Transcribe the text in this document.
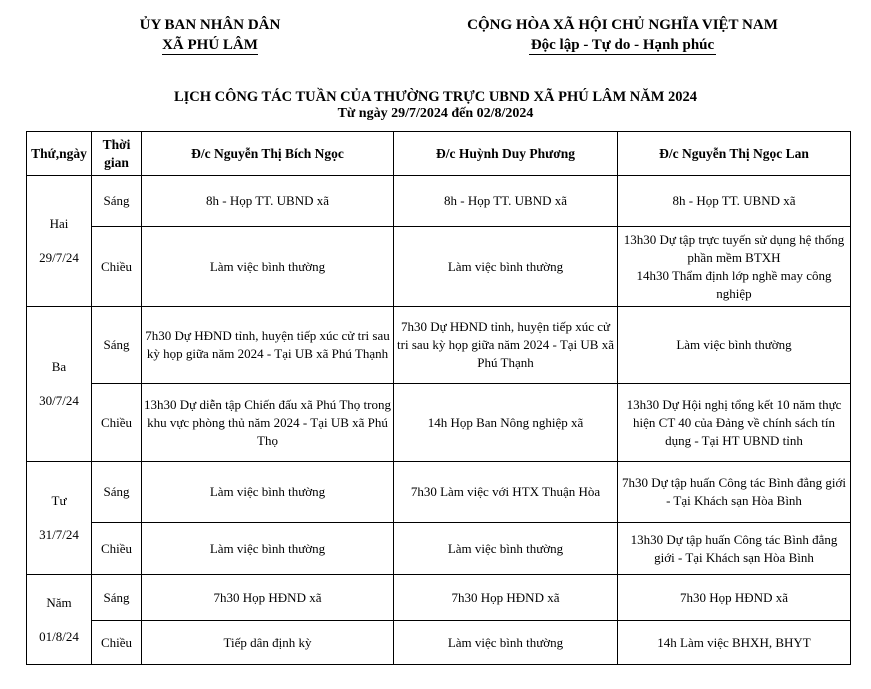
ỦY BAN NHÂN DÂN
XÃ PHÚ LÂM
CỘNG HÒA XÃ HỘI CHỦ NGHĨA VIỆT NAM
Độc lập - Tự do - Hạnh phúc
LỊCH CÔNG TÁC TUẦN CỦA THƯỜNG TRỰC UBND XÃ PHÚ LÂM NĂM 2024
Từ ngày 29/7/2024 đến 02/8/2024
Thứ,ngày	Thời gian	Đ/c Nguyễn Thị Bích Ngọc	Đ/c Huỳnh Duy Phương	Đ/c Nguyễn Thị Ngọc Lan

Hai
29/7/24	Sáng	8h - Họp TT. UBND xã	8h - Họp TT. UBND xã	8h - Họp TT. UBND xã
	Chiều	Làm việc bình thường	Làm việc bình thường	13h30 Dự tập trực tuyến sử dụng hệ thống phần mềm BTXH
14h30 Thẩm định lớp nghề may công nghiệp

Ba
30/7/24	Sáng	7h30 Dự HĐND tỉnh, huyện tiếp xúc cử tri sau kỳ họp giữa năm 2024 - Tại UB xã Phú Thạnh	7h30 Dự HĐND tỉnh, huyện tiếp xúc cử tri sau kỳ họp giữa năm 2024 - Tại UB xã Phú Thạnh	Làm việc bình thường
	Chiều	13h30 Dự diễn tập Chiến đấu xã Phú Thọ trong khu vực phòng thủ năm 2024 - Tại UB xã Phú Thọ	14h Họp Ban Nông nghiệp xã	13h30 Dự Hội nghị tổng kết 10 năm thực hiện CT 40 của Đảng về chính sách tín dụng - Tại HT UBND tỉnh

Tư
31/7/24	Sáng	Làm việc bình thường	7h30 Làm việc với HTX Thuận Hòa	7h30 Dự tập huấn Công tác Bình đẳng giới - Tại Khách sạn Hòa Bình
	Chiều	Làm việc bình thường	Làm việc bình thường	13h30 Dự tập huấn Công tác Bình đẳng giới - Tại Khách sạn Hòa Bình

Năm
01/8/24	Sáng	7h30 Họp HĐND xã	7h30 Họp HĐND xã	7h30 Họp HĐND xã
	Chiều	Tiếp dân định kỳ	Làm việc bình thường	14h Làm việc BHXH, BHYT
